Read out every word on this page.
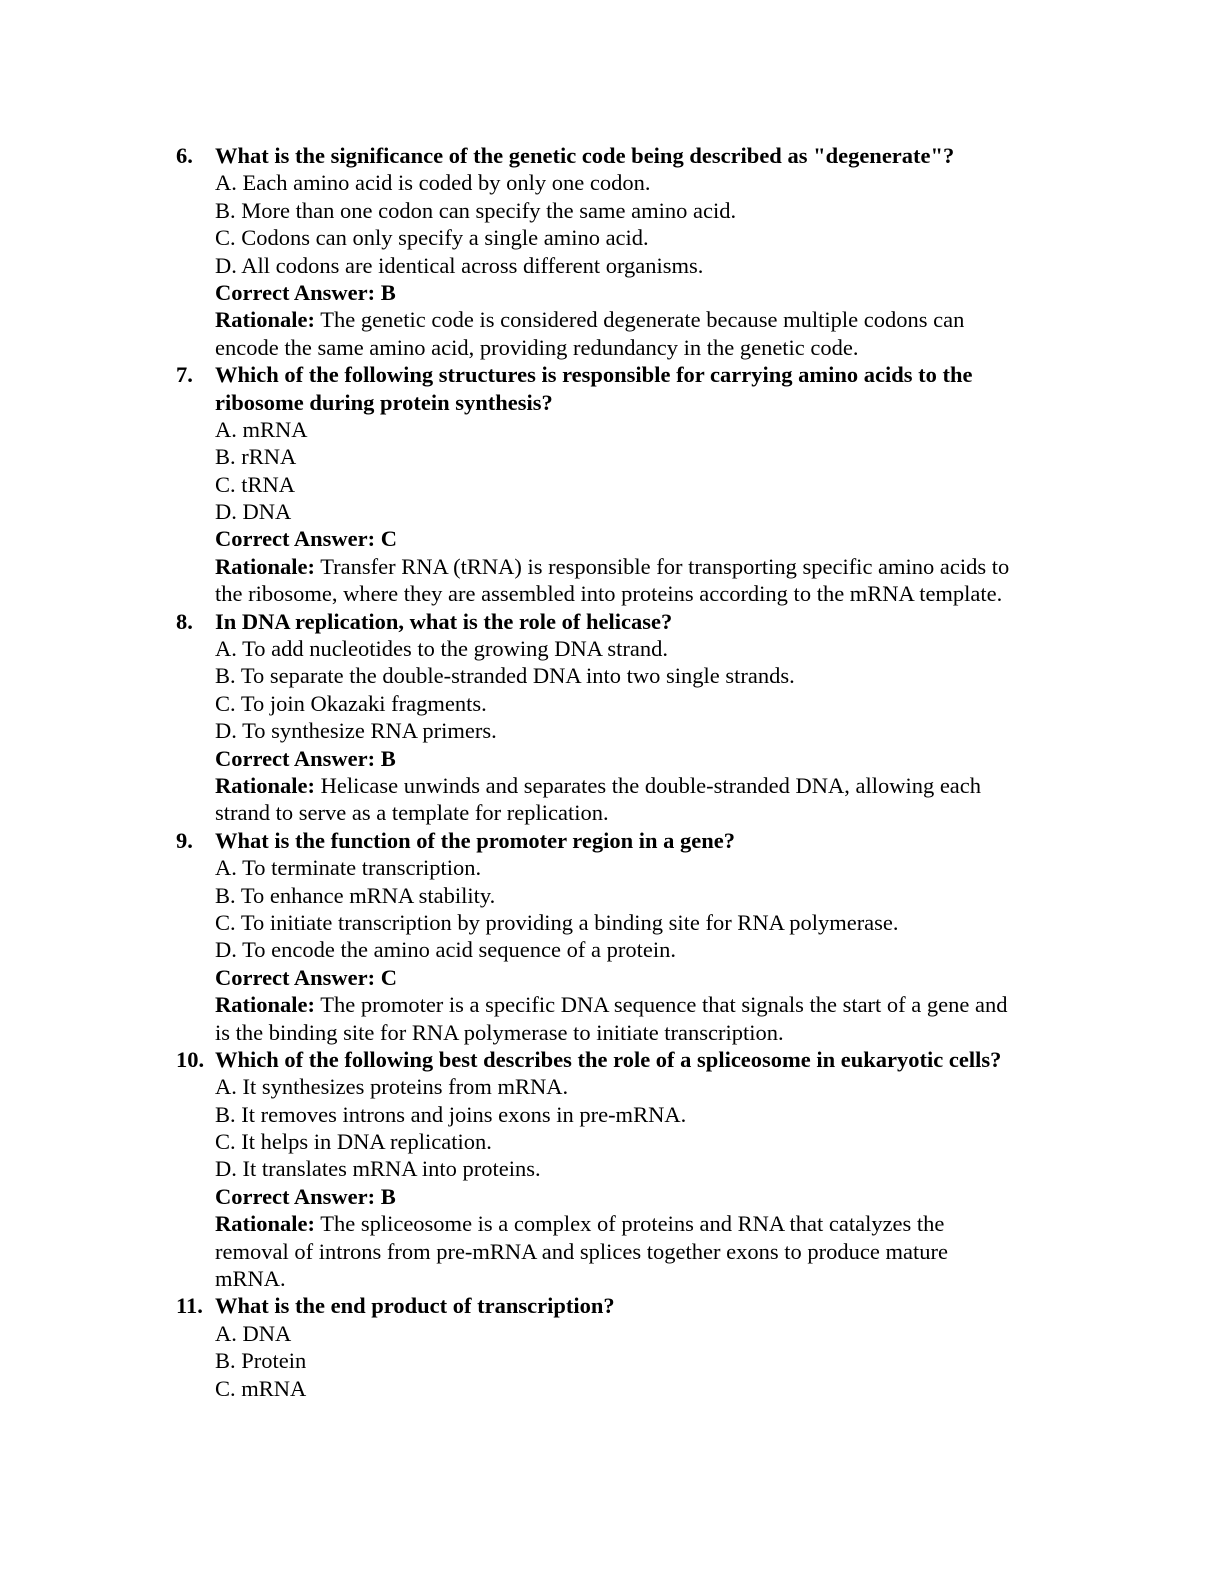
6. What is the significance of the genetic code being described as "degenerate"?
A. Each amino acid is coded by only one codon.
B. More than one codon can specify the same amino acid.
C. Codons can only specify a single amino acid.
D. All codons are identical across different organisms.
Correct Answer: B
Rationale: The genetic code is considered degenerate because multiple codons can
encode the same amino acid, providing redundancy in the genetic code.
7. Which of the following structures is responsible for carrying amino acids to the
ribosome during protein synthesis?
A. mRNA
B. rRNA
C. tRNA
D. DNA
Correct Answer: C
Rationale: Transfer RNA (tRNA) is responsible for transporting specific amino acids to
the ribosome, where they are assembled into proteins according to the mRNA template.
8. In DNA replication, what is the role of helicase?
A. To add nucleotides to the growing DNA strand.
B. To separate the double-stranded DNA into two single strands.
C. To join Okazaki fragments.
D. To synthesize RNA primers.
Correct Answer: B
Rationale: Helicase unwinds and separates the double-stranded DNA, allowing each
strand to serve as a template for replication.
9. What is the function of the promoter region in a gene?
A. To terminate transcription.
B. To enhance mRNA stability.
C. To initiate transcription by providing a binding site for RNA polymerase.
D. To encode the amino acid sequence of a protein.
Correct Answer: C
Rationale: The promoter is a specific DNA sequence that signals the start of a gene and
is the binding site for RNA polymerase to initiate transcription.
10. Which of the following best describes the role of a spliceosome in eukaryotic cells?
A. It synthesizes proteins from mRNA.
B. It removes introns and joins exons in pre-mRNA.
C. It helps in DNA replication.
D. It translates mRNA into proteins.
Correct Answer: B
Rationale: The spliceosome is a complex of proteins and RNA that catalyzes the
removal of introns from pre-mRNA and splices together exons to produce mature
mRNA.
11. What is the end product of transcription?
A. DNA
B. Protein
C. mRNA
